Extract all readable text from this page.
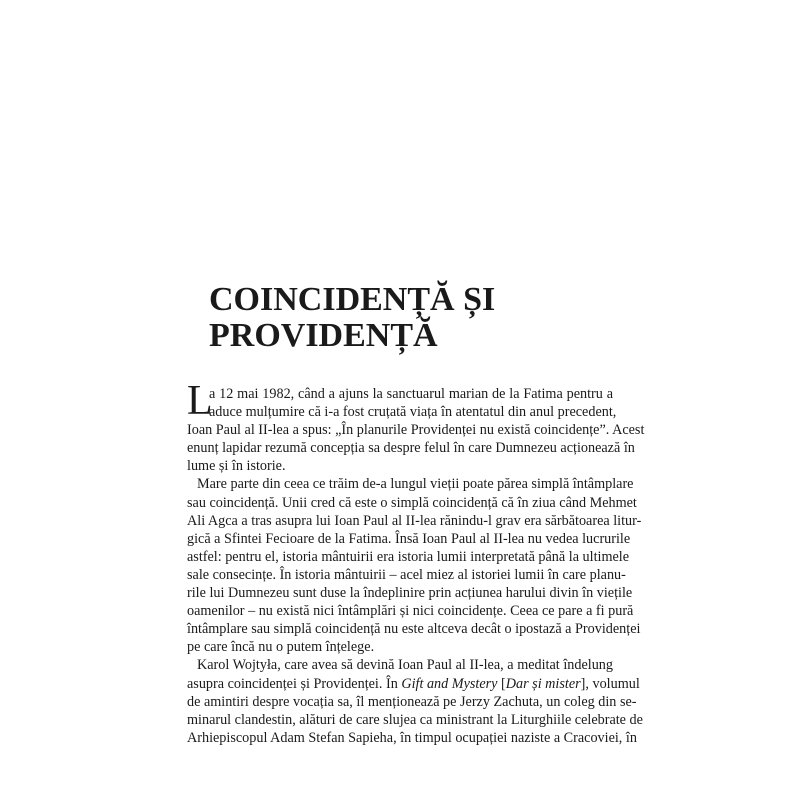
COINCIDENȚĂ ȘI
PROVIDENȚĂ
L
a 12 mai 1982, când a ajuns la sanctuarul marian de la Fatima pentru a
aduce mulțumire că i-a fost cruțată viața în atentatul din anul precedent,
Ioan Paul al II-lea a spus: „În planurile Providenței nu există coincidențe”. Acest
enunț lapidar rezumă concepția sa despre felul în care Dumnezeu acționează în
lume și în istorie.
Mare parte din ceea ce trăim de-a lungul vieții poate părea simplă întâmplare
sau coincidență. Unii cred că este o simplă coincidență că în ziua când Mehmet
Ali Agca a tras asupra lui Ioan Paul al II-lea rănindu-l grav era sărbătoarea litur-
gică a Sfintei Fecioare de la Fatima. Însă Ioan Paul al II-lea nu vedea lucrurile
astfel: pentru el, istoria mântuirii era istoria lumii interpretată până la ultimele
sale consecințe. În istoria mântuirii – acel miez al istoriei lumii în care planu-
rile lui Dumnezeu sunt duse la îndeplinire prin acțiunea harului divin în viețile
oamenilor – nu există nici întâmplări și nici coincidențe. Ceea ce pare a fi pură
întâmplare sau simplă coincidență nu este altceva decât o ipostază a Providenței
pe care încă nu o putem înțelege.
Karol Wojtyła, care avea să devină Ioan Paul al II-lea, a meditat îndelung
asupra coincidenței și Providenței. În Gift and Mystery [Dar și mister], volumul
de amintiri despre vocația sa, îl menționează pe Jerzy Zachuta, un coleg din se-
minarul clandestin, alături de care slujea ca ministrant la Liturghiile celebrate de
Arhiepiscopul Adam Stefan Sapieha, în timpul ocupației naziste a Cracoviei, în
